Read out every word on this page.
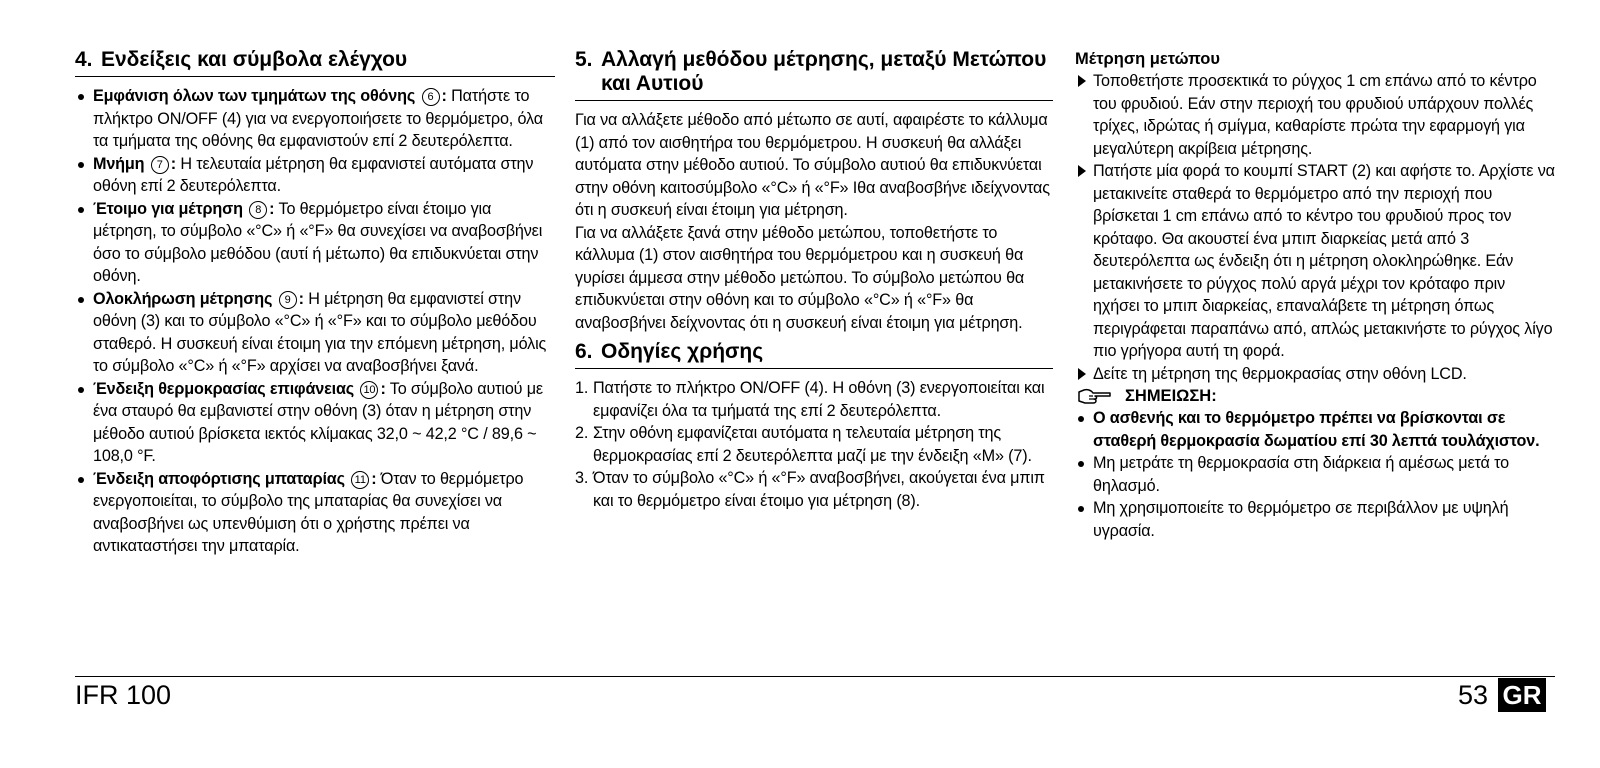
4. Ενδείξεις και σύμβολα ελέγχου
Εμφάνιση όλων των τμημάτων της οθόνης 6 : Πατήστε το πλήκτρο ON/OFF (4) για να ενεργοποιήσετε το θερμόμετρο, όλα τα τμήματα της οθόνης θα εμφανιστούν επί 2 δευτερόλεπτα.
Μνήμη 7 : Η τελευταία μέτρηση θα εμφανιστεί αυτόματα στην οθόνη επί 2 δευτερόλεπτα.
Έτοιμο για μέτρηση 8 : Το θερμόμετρο είναι έτοιμο για μέτρηση, το σύμβολο «°C» ή «°F» θα συνεχίσει να αναβοσβήνει όσο το σύμβολο μεθόδου (αυτί ή μέτωπο) θα επιδυκνύεται στην οθόνη.
Ολοκλήρωση μέτρησης 9 : Η μέτρηση θα εμφανιστεί στην οθόνη (3) και το σύμβολο «°C» ή «°F» και το σύμβολο μεθόδου σταθερό. Η συσκευή είναι έτοιμη για την επόμενη μέτρηση, μόλις το σύμβολο «°C» ή «°F» αρχίσει να αναβοσβήνει ξανά.
Ένδειξη θερμοκρασίας επιφάνειας 10 : Το σύμβολο αυτιού με ένα σταυρό θα εμβανιστεί στην οθόνη (3) όταν η μέτρηση στην μέθοδο αυτιού βρίσκετα ιεκτός κλίμακας 32,0 ~ 42,2 °C / 89,6 ~ 108,0 °F.
Ένδειξη αποφόρτισης μπαταρίας 11 : Όταν το θερμόμετρο ενεργοποιείται, το σύμβολο της μπαταρίας θα συνεχίσει να αναβοσβήνει ως υπενθύμιση ότι ο χρήστης πρέπει να αντικαταστήσει την μπαταρία.
5. Αλλαγή μεθόδου μέτρησης, μεταξύ Μετώπου και Αυτιού

Για να αλλάξετε μέθοδο από μέτωπο σε αυτί, αφαιρέστε το κάλλυμα (1) από τον αισθητήρα του θερμόμετρου. Η συσκευή θα αλλάξει αυτόματα στην μέθοδο αυτιού. Το σύμβολο αυτιού θα επιδυκνύεται στην οθόνη καιτοσύμβολο «°C» ή «°F» Ιθα αναβοσβήνε ιδείχνοντας ότι η συσκευή είναι έτοιμη για μέτρηση.

Για να αλλάξετε ξανά στην μέθοδο μετώπου, τοποθετήστε το κάλλυμα (1) στον αισθητήρα του θερμόμετρου και η συσκευή θα γυρίσει άμμεσα στην μέθοδο μετώπου. Το σύμβολο μετώπου θα επιδυκνύεται στην οθόνη και το σύμβολο «°C» ή «°F» θα αναβοσβήνει δείχνοντας ότι η συσκευή είναι έτοιμη για μέτρηση.

6. Οδηγίες χρήσης
1. Πατήστε το πλήκτρο ON/OFF (4). Η οθόνη (3) ενεργοποιείται και εμφανίζει όλα τα τμήματά της επί 2 δευτερόλεπτα.
2. Στην οθόνη εμφανίζεται αυτόματα η τελευταία μέτρηση της θερμοκρασίας επί 2 δευτερόλεπτα μαζί με την ένδειξη «M» (7).
3. Όταν το σύμβολο «°C» ή «°F» αναβοσβήνει, ακούγεται ένα μπιπ και το θερμόμετρο είναι έτοιμο για μέτρηση (8).
Μέτρηση μετώπου
Τοποθετήστε προσεκτικά το ρύγχος 1 cm επάνω από το κέντρο του φρυδιού. Εάν στην περιοχή του φρυδιού υπάρχουν πολλές τρίχες, ιδρώτας ή σμίγμα, καθαρίστε πρώτα την εφαρμογή για μεγαλύτερη ακρίβεια μέτρησης.
Πατήστε μία φορά το κουμπί START (2) και αφήστε το. Αρχίστε να μετακινείτε σταθερά το θερμόμετρο από την περιοχή που βρίσκεται 1 cm επάνω από το κέντρο του φρυδιού προς τον κρόταφο. Θα ακουστεί ένα μπιπ διαρκείας μετά από 3 δευτερόλεπτα ως ένδειξη ότι η μέτρηση ολοκληρώθηκε. Εάν μετακινήσετε το ρύγχος πολύ αργά μέχρι τον κρόταφο πριν ηχήσει το μπιπ διαρκείας, επαναλάβετε τη μέτρηση όπως περιγράφεται παραπάνω από, απλώς μετακινήστε το ρύγχος λίγο πιο γρήγορα αυτή τη φορά.
Δείτε τη μέτρηση της θερμοκρασίας στην οθόνη LCD.
ΣΗΜΕΙΩΣΗ:
Ο ασθενής και το θερμόμετρο πρέπει να βρίσκονται σε σταθερή θερμοκρασία δωματίου επί 30 λεπτά τουλάχιστον.
Μη μετράτε τη θερμοκρασία στη διάρκεια ή αμέσως μετά το θηλασμό.
Μη χρησιμοποιείτε το θερμόμετρο σε περιβάλλον με υψηλή υγρασία.
IFR 100	53 GR
